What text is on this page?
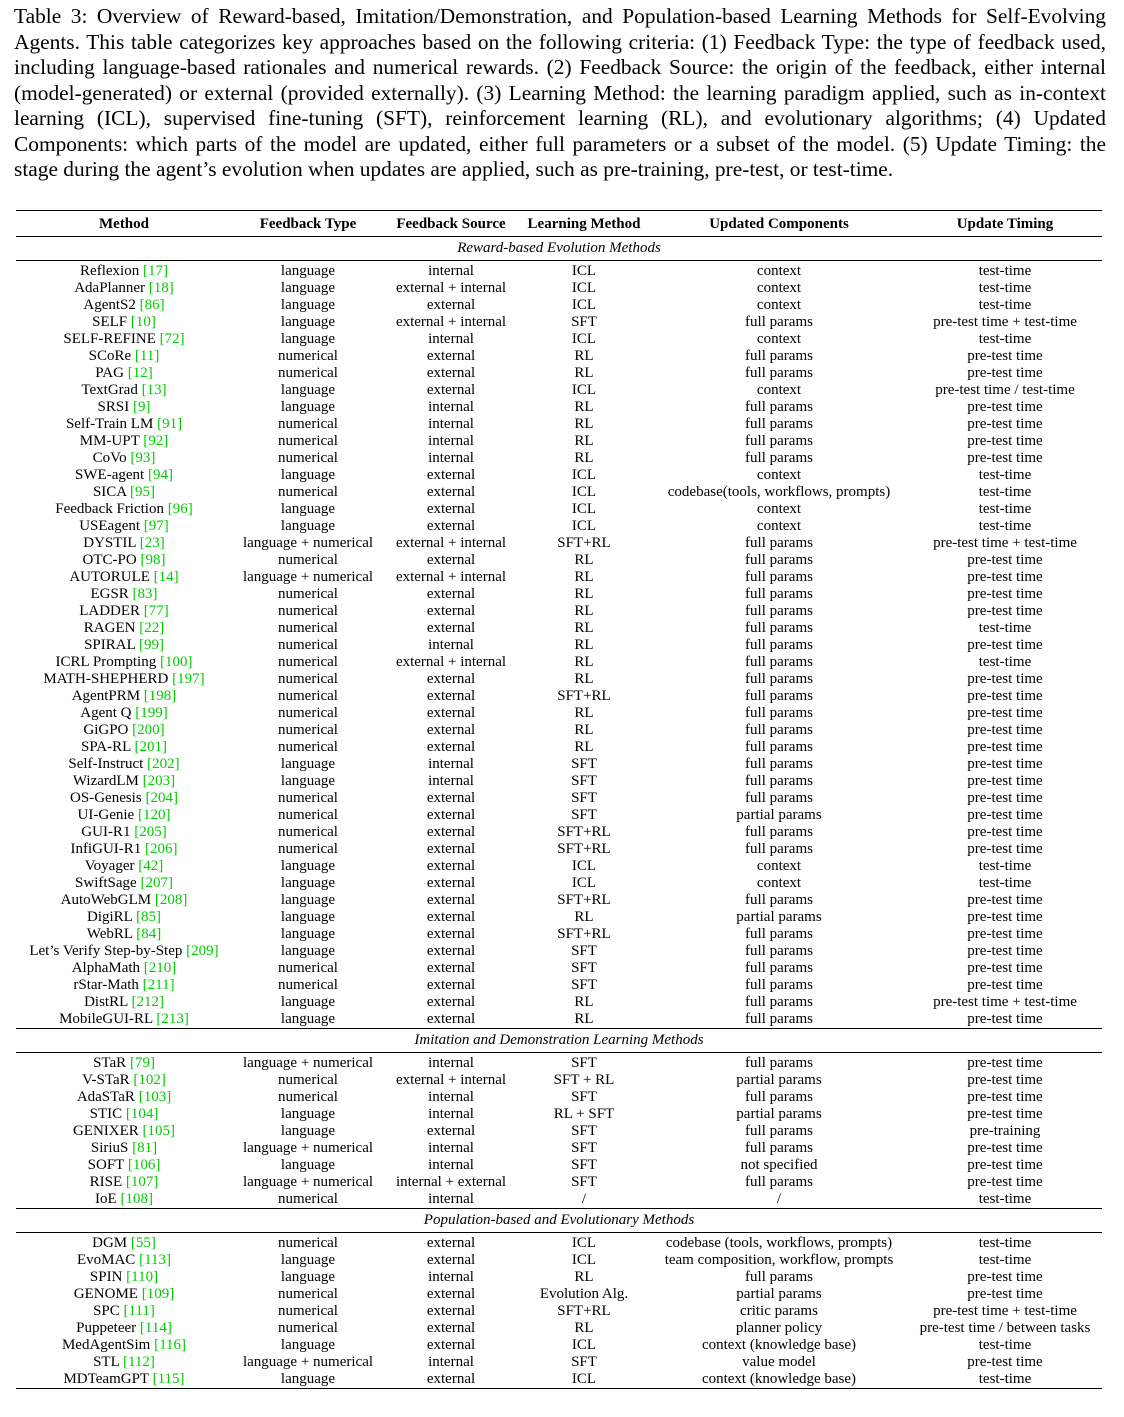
Table 3: Overview of Reward-based, Imitation/Demonstration, and Population-based Learning Methods for Self-Evolving Agents. This table categorizes key approaches based on the following criteria: (1) Feedback Type: the type of feedback used, including language-based rationales and numerical rewards. (2) Feedback Source: the origin of the feedback, either internal (model-generated) or external (provided externally). (3) Learning Method: the learning paradigm applied, such as in-context learning (ICL), supervised fine-tuning (SFT), reinforcement learning (RL), and evolutionary algorithms; (4) Updated Components: which parts of the model are updated, either full parameters or a subset of the model. (5) Update Timing: the stage during the agent’s evolution when updates are applied, such as pre-training, pre-test, or test-time.
Method	Feedback Type	Feedback Source	Learning Method	Updated Components	Update Timing
Reward-based Evolution Methods					

Reflexion [17]	language	internal	ICL	context	test-time
AdaPlanner [18]	language	external + internal	ICL	context	test-time
AgentS2 [86]	language	external	ICL	context	test-time
SELF [10]	language	external + internal	SFT	full params	pre-test time + test-time
SELF-REFINE [72]	language	internal	ICL	context	test-time
SCoRe [11]	numerical	external	RL	full params	pre-test time
PAG [12]	numerical	external	RL	full params	pre-test time
TextGrad [13]	language	external	ICL	context	pre-test time / test-time
SRSI [9]	language	internal	RL	full params	pre-test time
Self-Train LM [91]	numerical	internal	RL	full params	pre-test time
MM-UPT [92]	numerical	internal	RL	full params	pre-test time
CoVo [93]	numerical	internal	RL	full params	pre-test time
SWE-agent [94]	language	external	ICL	context	test-time
SICA [95]	numerical	external	ICL	codebase(tools, workflows, prompts)	test-time
Feedback Friction [96]	language	external	ICL	context	test-time
USEagent [97]	language	external	ICL	context	test-time
DYSTIL [23]	language + numerical	external + internal	SFT+RL	full params	pre-test time + test-time
OTC-PO [98]	numerical	external	RL	full params	pre-test time
AUTORULE [14]	language + numerical	external + internal	RL	full params	pre-test time
EGSR [83]	numerical	external	RL	full params	pre-test time
LADDER [77]	numerical	external	RL	full params	pre-test time
RAGEN [22]	numerical	external	RL	full params	test-time
SPIRAL [99]	numerical	internal	RL	full params	pre-test time
ICRL Prompting [100]	numerical	external + internal	RL	full params	test-time
MATH-SHEPHERD [197]	numerical	external	RL	full params	pre-test time
AgentPRM [198]	numerical	external	SFT+RL	full params	pre-test time
Agent Q [199]	numerical	external	RL	full params	pre-test time
GiGPO [200]	numerical	external	RL	full params	pre-test time
SPA-RL [201]	numerical	external	RL	full params	pre-test time
Self-Instruct [202]	language	internal	SFT	full params	pre-test time
WizardLM [203]	language	internal	SFT	full params	pre-test time
OS-Genesis [204]	numerical	external	SFT	full params	pre-test time
UI-Genie [120]	numerical	external	SFT	partial params	pre-test time
GUI-R1 [205]	numerical	external	SFT+RL	full params	pre-test time
InfiGUI-R1 [206]	numerical	external	SFT+RL	full params	pre-test time
Voyager [42]	language	external	ICL	context	test-time
SwiftSage [207]	language	external	ICL	context	test-time
AutoWebGLM [208]	language	external	SFT+RL	full params	pre-test time
DigiRL [85]	language	external	RL	partial params	pre-test time
WebRL [84]	language	external	SFT+RL	full params	pre-test time
Let’s Verify Step-by-Step [209]	language	external	SFT	full params	pre-test time
AlphaMath [210]	numerical	external	SFT	full params	pre-test time
rStar-Math [211]	numerical	external	SFT	full params	pre-test time
DistRL [212]	language	external	RL	full params	pre-test time + test-time
MobileGUI-RL [213]	language	external	RL	full params	pre-test time
Imitation and Demonstration Learning Methods					

STaR [79]	language + numerical	internal	SFT	full params	pre-test time
V-STaR [102]	numerical	external + internal	SFT + RL	partial params	pre-test time
AdaSTaR [103]	numerical	internal	SFT	full params	pre-test time
STIC [104]	language	internal	RL + SFT	partial params	pre-test time
GENIXER [105]	language	external	SFT	full params	pre-training
SiriuS [81]	language + numerical	internal	SFT	full params	pre-test time
SOFT [106]	language	internal	SFT	not specified	pre-test time
RISE [107]	language + numerical	internal + external	SFT	full params	pre-test time
IoE [108]	numerical	internal	/	/	test-time
Population-based and Evolutionary Methods					

DGM [55]	numerical	external	ICL	codebase (tools, workflows, prompts)	test-time
EvoMAC [113]	language	external	ICL	team composition, workflow, prompts	test-time
SPIN [110]	language	internal	RL	full params	pre-test time
GENOME [109]	numerical	external	Evolution Alg.	partial params	pre-test time
SPC [111]	numerical	external	SFT+RL	critic params	pre-test time + test-time
Puppeteer [114]	numerical	external	RL	planner policy	pre-test time / between tasks
MedAgentSim [116]	language	external	ICL	context (knowledge base)	test-time
STL [112]	language + numerical	internal	SFT	value model	pre-test time
MDTeamGPT [115]	language	external	ICL	context (knowledge base)	test-time
